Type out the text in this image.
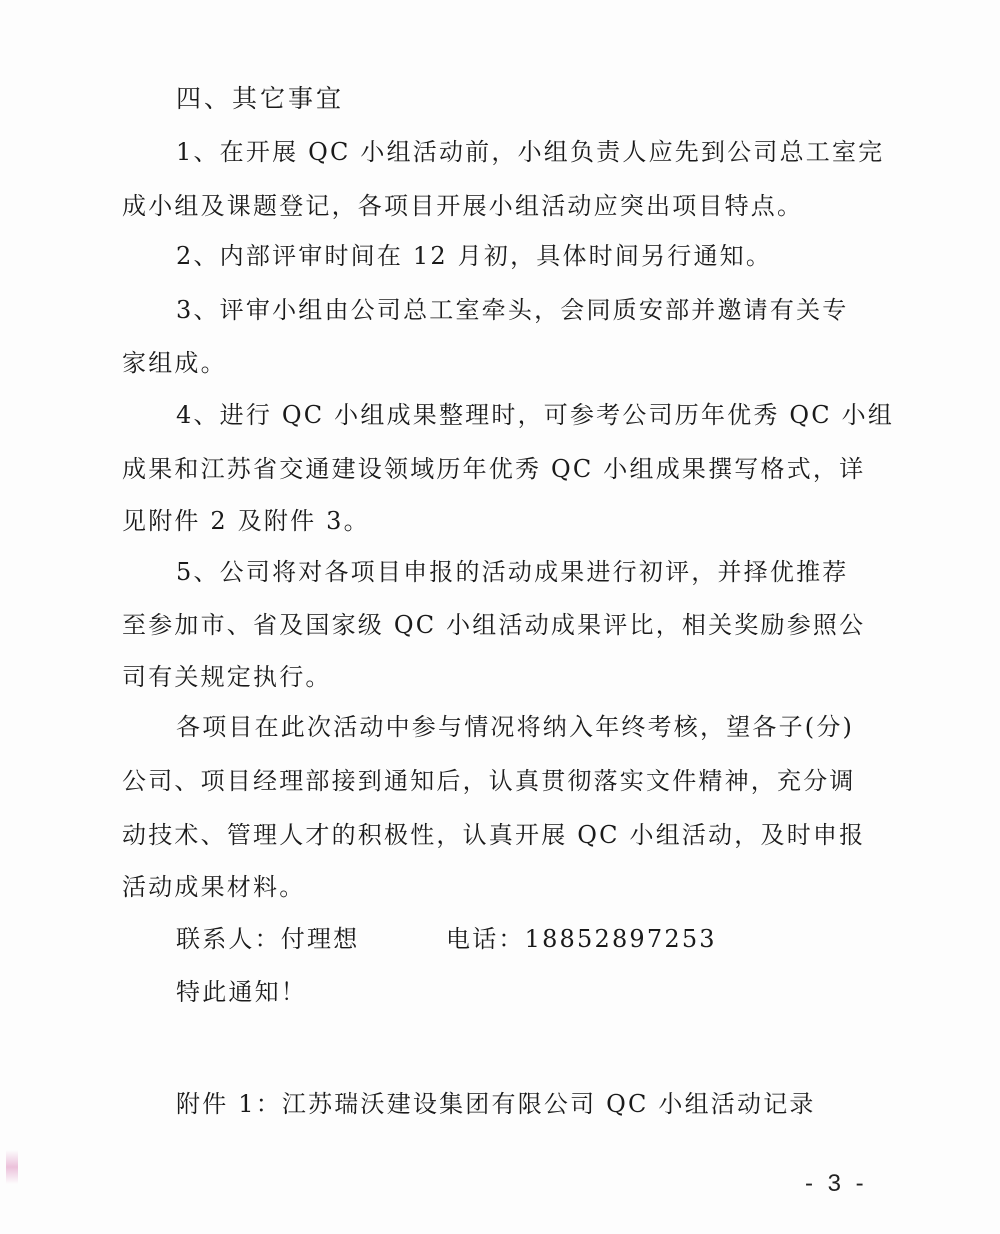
四、其它事宜
1、在开展 QC 小组活动前，小组负责人应先到公司总工室完
成小组及课题登记，各项目开展小组活动应突出项目特点。
2、内部评审时间在 12 月初，具体时间另行通知。
3、评审小组由公司总工室牵头，会同质安部并邀请有关专
家组成。
4、进行 QC 小组成果整理时，可参考公司历年优秀 QC 小组
成果和江苏省交通建设领域历年优秀 QC 小组成果撰写格式，详
见附件 2 及附件 3。
5、公司将对各项目申报的活动成果进行初评，并择优推荐
至参加市、省及国家级 QC 小组活动成果评比，相关奖励参照公
司有关规定执行。
各项目在此次活动中参与情况将纳入年终考核，望各子(分)
公司、项目经理部接到通知后，认真贯彻落实文件精神，充分调
动技术、管理人才的积极性，认真开展 QC 小组活动，及时申报
活动成果材料。
联系人：付理想	电话：18852897253
特此通知！
附件 1：江苏瑞沃建设集团有限公司 QC 小组活动记录
- 3 -
